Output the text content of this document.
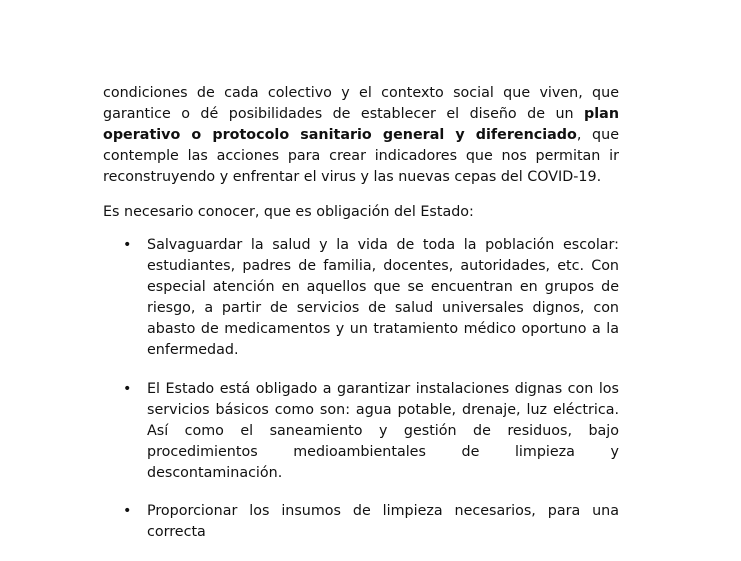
condiciones de cada colectivo y el contexto social que viven, que garantice o dé posibilidades de establecer el diseño de un plan operativo o protocolo sanitario general y diferenciado, que contemple las acciones para crear indicadores que nos permitan ir reconstruyendo y enfrentar el virus y las nuevas cepas del COVID-19.

Es necesario conocer, que es obligación del Estado:

• Salvaguardar la salud y la vida de toda la población escolar: estudiantes, padres de familia, docentes, autoridades, etc. Con especial atención en aquellos que se encuentran en grupos de riesgo, a partir de servicios de salud universales dignos, con abasto de medicamentos y un tratamiento médico oportuno a la enfermedad.
• El Estado está obligado a garantizar instalaciones dignas con los servicios básicos como son: agua potable, drenaje, luz eléctrica. Así como el saneamiento y gestión de residuos, bajo procedimientos medioambientales de limpieza y descontaminación.
• Proporcionar los insumos de limpieza necesarios, para una correcta
